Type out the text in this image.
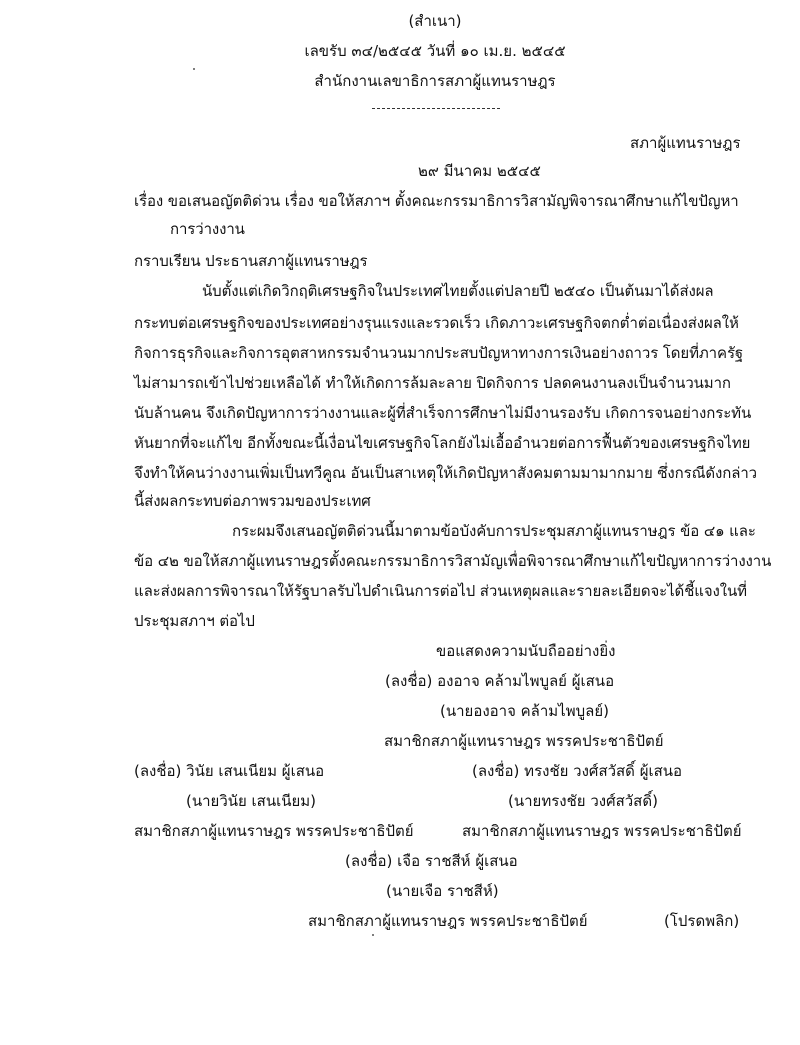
(สำเนา)
เลขรับ ๓๔/๒๕๔๕ วันที่ ๑๐ เม.ย. ๒๕๔๕
สำนักงานเลขาธิการสภาผู้แทนราษฎร
สภาผู้แทนราษฎร
๒๙ มีนาคม ๒๕๔๕
เรื่อง ขอเสนอญัตติด่วน เรื่อง ขอให้สภาฯ ตั้งคณะกรรมาธิการวิสามัญพิจารณาศึกษาแก้ไขปัญหา
การว่างงาน
กราบเรียน ประธานสภาผู้แทนราษฎร
นับตั้งแต่เกิดวิกฤติเศรษฐกิจในประเทศไทยตั้งแต่ปลายปี ๒๕๔๐ เป็นต้นมาได้ส่งผล
กระทบต่อเศรษฐกิจของประเทศอย่างรุนแรงและรวดเร็ว เกิดภาวะเศรษฐกิจตกต่ำต่อเนื่องส่งผลให้
กิจการธุรกิจและกิจการอุตสาหกรรมจำนวนมากประสบปัญหาทางการเงินอย่างถาวร โดยที่ภาครัฐ
ไม่สามารถเข้าไปช่วยเหลือได้ ทำให้เกิดการล้มละลาย ปิดกิจการ ปลดคนงานลงเป็นจำนวนมาก
นับล้านคน จึงเกิดปัญหาการว่างงานและผู้ที่สำเร็จการศึกษาไม่มีงานรองรับ เกิดการจนอย่างกระทัน
หันยากที่จะแก้ไข อีกทั้งขณะนี้เงื่อนไขเศรษฐกิจโลกยังไม่เอื้ออำนวยต่อการฟื้นตัวของเศรษฐกิจไทย
จึงทำให้คนว่างงานเพิ่มเป็นทวีคูณ อันเป็นสาเหตุให้เกิดปัญหาสังคมตามมามากมาย ซึ่งกรณีดังกล่าว
นี้ส่งผลกระทบต่อภาพรวมของประเทศ
กระผมจึงเสนอญัตติด่วนนี้มาตามข้อบังคับการประชุมสภาผู้แทนราษฎร ข้อ ๔๑ และ
ข้อ ๔๒ ขอให้สภาผู้แทนราษฎรตั้งคณะกรรมาธิการวิสามัญเพื่อพิจารณาศึกษาแก้ไขปัญหาการว่างงาน
และส่งผลการพิจารณาให้รัฐบาลรับไปดำเนินการต่อไป ส่วนเหตุผลและรายละเอียดจะได้ชี้แจงในที่
ประชุมสภาฯ ต่อไป
ขอแสดงความนับถืออย่างยิ่ง
(ลงชื่อ) องอาจ คล้ามไพบูลย์ ผู้เสนอ
(นายองอาจ คล้ามไพบูลย์)
สมาชิกสภาผู้แทนราษฎร พรรคประชาธิปัตย์
(ลงชื่อ) วินัย เสนเนียม ผู้เสนอ	(ลงชื่อ) ทรงชัย วงศ์สวัสดิ์ ผู้เสนอ
(นายวินัย เสนเนียม)	(นายทรงชัย วงศ์สวัสดิ์)
สมาชิกสภาผู้แทนราษฎร พรรคประชาธิปัตย์	สมาชิกสภาผู้แทนราษฎร พรรคประชาธิปัตย์
(ลงชื่อ) เจือ ราชสีห์ ผู้เสนอ
(นายเจือ ราชสีห์)
สมาชิกสภาผู้แทนราษฎร พรรคประชาธิปัตย์	(โปรดพลิก)
